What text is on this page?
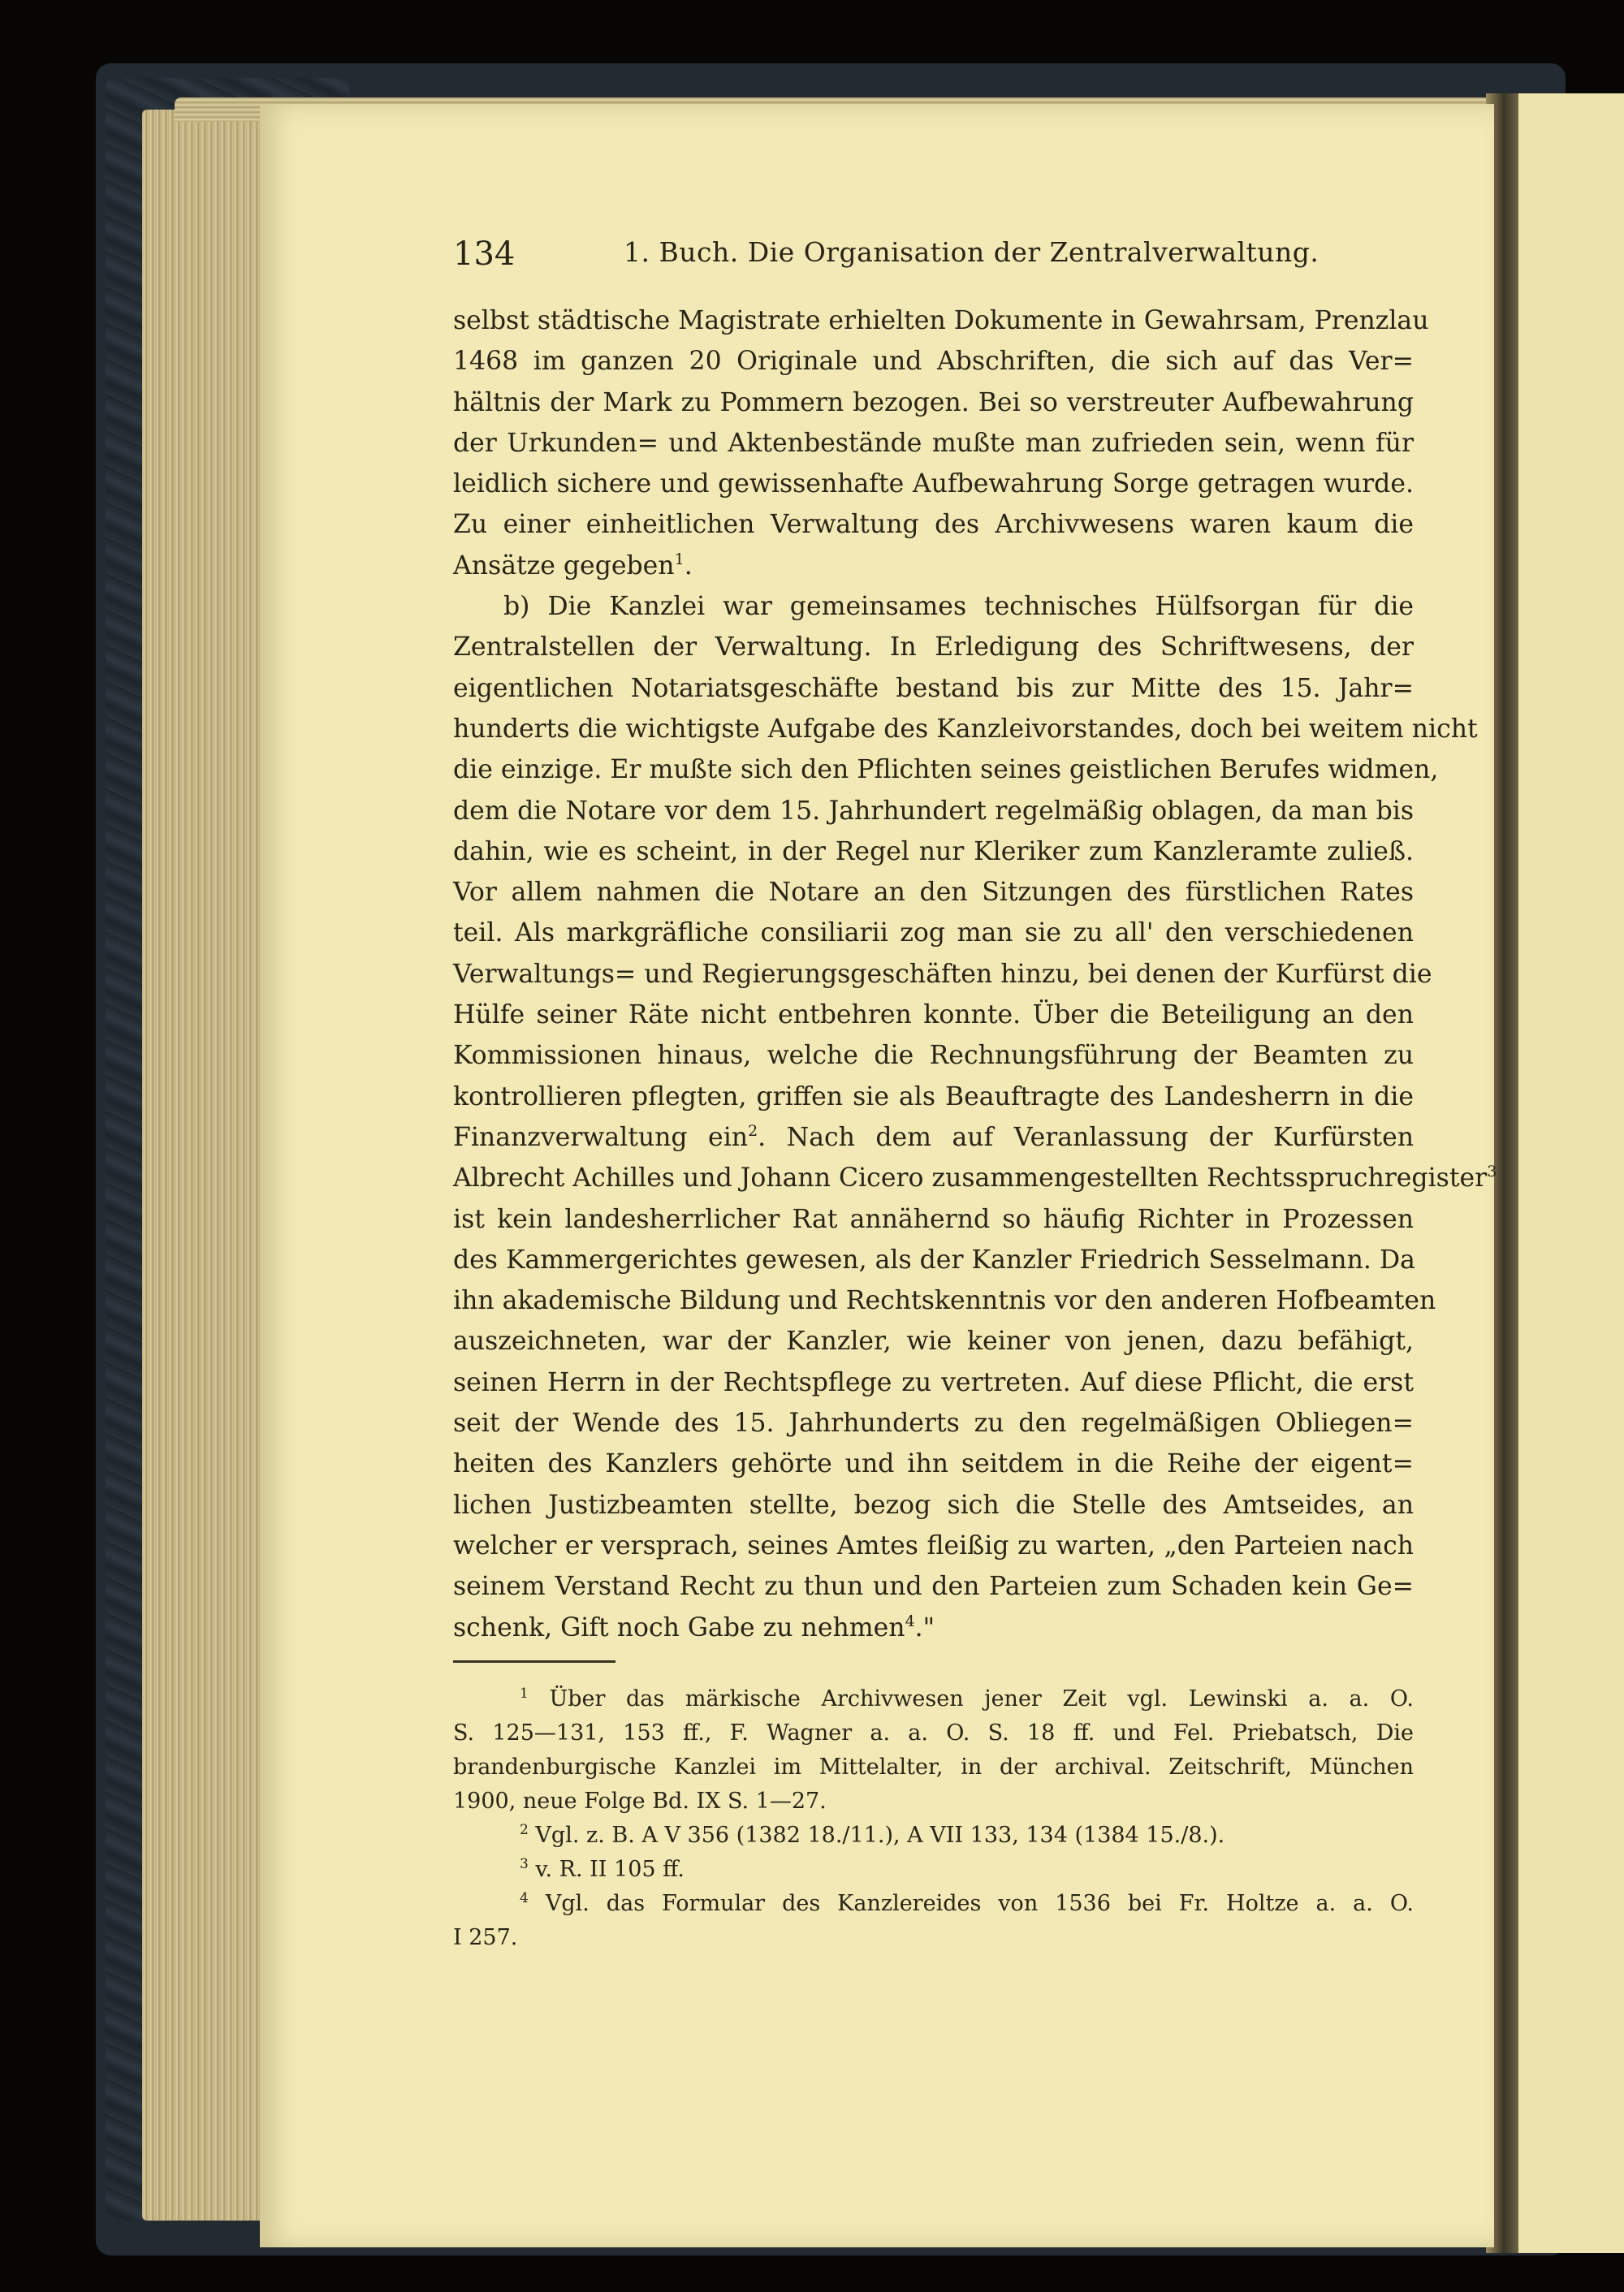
134	1. Buch. Die Organisation der Zentralverwaltung.
selbst städtische Magistrate erhielten Dokumente in Gewahrsam, Prenzlau
1468 im ganzen 20 Originale und Abschriften, die sich auf das Ver=
hältnis der Mark zu Pommern bezogen. Bei so verstreuter Aufbewahrung
der Urkunden= und Aktenbestände mußte man zufrieden sein, wenn für
leidlich sichere und gewissenhafte Aufbewahrung Sorge getragen wurde.
Zu einer einheitlichen Verwaltung des Archivwesens waren kaum die
Ansätze gegeben$^1$.
b) Die Kanzlei war gemeinsames technisches Hülfsorgan für die
Zentralstellen der Verwaltung. In Erledigung des Schriftwesens, der
eigentlichen Notariatsgeschäfte bestand bis zur Mitte des 15. Jahr=
hunderts die wichtigste Aufgabe des Kanzleivorstandes, doch bei weitem nicht
die einzige. Er mußte sich den Pflichten seines geistlichen Berufes widmen,
dem die Notare vor dem 15. Jahrhundert regelmäßig oblagen, da man bis
dahin, wie es scheint, in der Regel nur Kleriker zum Kanzleramte zuließ.
Vor allem nahmen die Notare an den Sitzungen des fürstlichen Rates
teil. Als markgräfliche consiliarii zog man sie zu all' den verschiedenen
Verwaltungs= und Regierungsgeschäften hinzu, bei denen der Kurfürst die
Hülfe seiner Räte nicht entbehren konnte. Über die Beteiligung an den
Kommissionen hinaus, welche die Rechnungsführung der Beamten zu
kontrollieren pflegten, griffen sie als Beauftragte des Landesherrn in die
Finanzverwaltung ein$^2$. Nach dem auf Veranlassung der Kurfürsten
Albrecht Achilles und Johann Cicero zusammengestellten Rechtsspruchregister$^3$
ist kein landesherrlicher Rat annähernd so häufig Richter in Prozessen
des Kammergerichtes gewesen, als der Kanzler Friedrich Sesselmann. Da
ihn akademische Bildung und Rechtskenntnis vor den anderen Hofbeamten
auszeichneten, war der Kanzler, wie keiner von jenen, dazu befähigt,
seinen Herrn in der Rechtspflege zu vertreten. Auf diese Pflicht, die erst
seit der Wende des 15. Jahrhunderts zu den regelmäßigen Obliegen=
heiten des Kanzlers gehörte und ihn seitdem in die Reihe der eigent=
lichen Justizbeamten stellte, bezog sich die Stelle des Amtseides, an
welcher er versprach, seines Amtes fleißig zu warten, „den Parteien nach
seinem Verstand Recht zu thun und den Parteien zum Schaden kein Ge=
schenk, Gift noch Gabe zu nehmen$^4$."
$^1$ Über das märkische Archivwesen jener Zeit vgl. Lewinski a. a. O.
S. 125—131, 153 ff., F. Wagner a. a. O. S. 18 ff. und Fel. Priebatsch, Die
brandenburgische Kanzlei im Mittelalter, in der archival. Zeitschrift, München
1900, neue Folge Bd. IX S. 1—27.
$^2$ Vgl. z. B. A V 356 (1382 18./11.), A VII 133, 134 (1384 15./8.).
$^3$ v. R. II 105 ff.
$^4$ Vgl. das Formular des Kanzlereides von 1536 bei Fr. Holtze a. a. O.
I 257.
